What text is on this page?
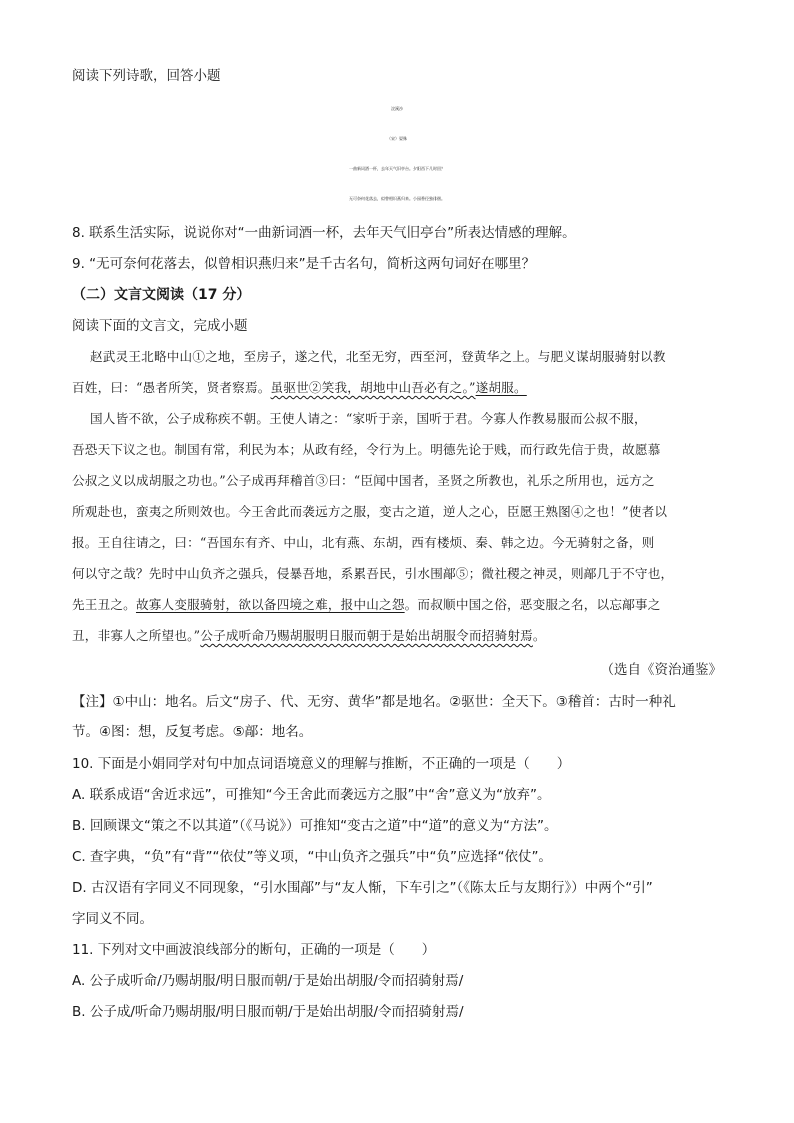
阅读下列诗歌，回答小题
浣溪沙
（宋）晏殊
一曲新词酒一杯，去年天气旧亭台。夕阳西下几时回？
无可奈何花落去，似曾相识燕归来。小园香径独徘徊。
8. 联系生活实际，说说你对“一曲新词酒一杯，去年天气旧亭台”所表达情感的理解。
9. “无可奈何花落去，似曾相识燕归来”是千古名句，简析这两句词好在哪里？
（二）文言文阅读（17 分）
阅读下面的文言文，完成小题
赵武灵王北略中山①之地，至房子，遂之代，北至无穷，西至河，登黄华之上。与肥义谋胡服骑射以教
百姓，曰：“愚者所笑，贤者察焉。虽驱世②笑我，胡地中山吾必有之。”遂胡服。
国人皆不欲，公子成称疾不朝。王使人请之：“家听于亲，国听于君。今寡人作教易服而公叔不服，
吾恐天下议之也。制国有常，利民为本；从政有经，令行为上。明德先论于贱，而行政先信于贵，故愿慕
公叔之义以成胡服之功也。”公子成再拜稽首③曰：“臣闻中国者，圣贤之所教也，礼乐之所用也，远方之
所观赴也，蛮夷之所则效也。今王舍此而袭远方之服，变古之道，逆人之心，臣愿王熟图④之也！”使者以
报。王自往请之，曰：“吾国东有齐、中山，北有燕、东胡，西有楼烦、秦、韩之边。今无骑射之备，则
何以守之哉？先时中山负齐之强兵，侵暴吾地，系累吾民，引水围鄗⑤；微社稷之神灵，则鄗几于不守也，
先王丑之。故寡人变服骑射，欲以备四境之难，报中山之怨。而叔顺中国之俗，恶变服之名，以忘鄗事之
丑，非寡人之所望也。”公子成听命乃赐胡服明日服而朝于是始出胡服令而招骑射焉。
（选自《资治通鉴》
【注】①中山：地名。后文“房子、代、无穷、黄华”都是地名。②驱世：全天下。③稽首：古时一种礼
节。④图：想，反复考虑。⑤鄗：地名。
10. 下面是小娟同学对句中加点词语境意义的理解与推断，不正确的一项是（　　）
A. 联系成语“舍近求远”，可推知“今王舍此而袭远方之服”中“舍”意义为“放弃”。
B. 回顾课文“策之不以其道”（《马说》）可推知“变古之道”中“道”的意义为“方法”。
C. 查字典，“负”有“背”“依仗”等义项，“中山负齐之强兵”中“负”应选择“依仗”。
D. 古汉语有字同义不同现象，“引水围鄗”与“友人惭，下车引之”（《陈太丘与友期行》）中两个“引”
字同义不同。
11. 下列对文中画波浪线部分的断句，正确的一项是（　　）
A. 公子成听命/乃赐胡服/明日服而朝/于是始出胡服/令而招骑射焉/
B. 公子成/听命乃赐胡服/明日服而朝/于是始出胡服/令而招骑射焉/
